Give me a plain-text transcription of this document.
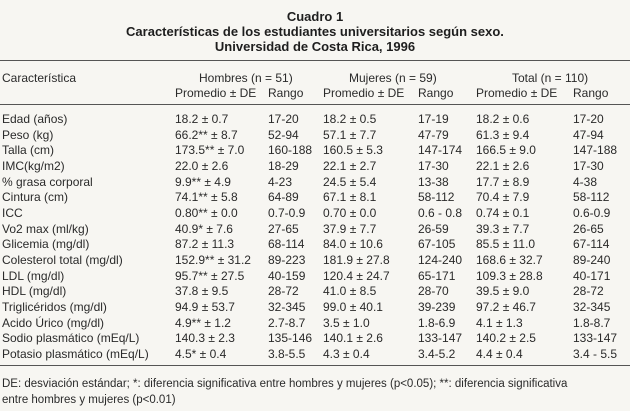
Cuadro 1
Características de los estudiantes universitarios según sexo.
Universidad de Costa Rica, 1996
Característica	Hombres (n = 51)	Mujeres (n = 59)	Total (n = 110)
Promedio ± DE Rango Promedio ± DE Rango Promedio ± DE Rango
Edad (años)	18.2 ± 0.7	17-20 18.2 ± 0.5	17-19 18.2 ± 0.6	17-20
Peso (kg)	66.2** ± 8.7	52-94 57.1 ± 7.7	47-79 61.3 ± 9.4	47-94
Talla (cm)	173.5** ± 7.0 160-188 160.5 ± 5.3	147-174 166.5 ± 9.0	147-188
IMC(kg/m2)	22.0 ± 2.6	18-29 22.1 ± 2.7	17-30 22.1 ± 2.6	17-30
% grasa corporal	9.9** ± 4.9	4-23	24.5 ± 5.4	13-38 17.7 ± 8.9	4-38
Cintura (cm)	74.1** ± 5.8	64-89 67.1 ± 8.1	58-112 70.4 ± 7.9	58-112
ICC	0.80** ± 0.0	0.7-0.9 0.70 ± 0.0	0.6 - 0.8 0.74 ± 0.1	0.6-0.9
Vo2 max (ml/kg)	40.9* ± 7.6	27-65 37.9 ± 7.7	26-59 39.3 ± 7.7	26-65
Glicemia (mg/dl)	87.2 ± 11.3	68-114 84.0 ± 10.6	67-105 85.5 ± 11.0	67-114
Colesterol total (mg/dl)	152.9** ± 31.2 89-223 181.9 ± 27.8 124-240 168.6 ± 32.7	89-240
LDL (mg/dl)	95.7** ± 27.5 40-159 120.4 ± 24.7 65-171 109.3 ± 28.8	40-171
HDL (mg/dl)	37.8 ± 9.5	28-72 41.0 ± 8.5	28-70 39.5 ± 9.0	28-72
Triglicéridos (mg/dl)	94.9 ± 53.7	32-345 99.0 ± 40.1	39-239 97.2 ± 46.7	32-345
Acido Úrico (mg/dl)	4.9** ± 1.2	2.7-8.7 3.5 ± 1.0	1.8-6.9 4.1 ± 1.3	1.8-8.7
Sodio plasmático (mEq/L)	140.3 ± 2.3	135-146 140.1 ± 2.6	133-147 140.2 ± 2.5	133-147
Potasio plasmático (mEq/L) 4.5* ± 0.4	3.8-5.5 4.3 ± 0.4	3.4-5.2 4.4 ± 0.4	3.4 - 5.5
DE: desviación estándar; *: diferencia significativa entre hombres y mujeres (p<0.05); **: diferencia significativa
entre hombres y mujeres (p<0.01)
